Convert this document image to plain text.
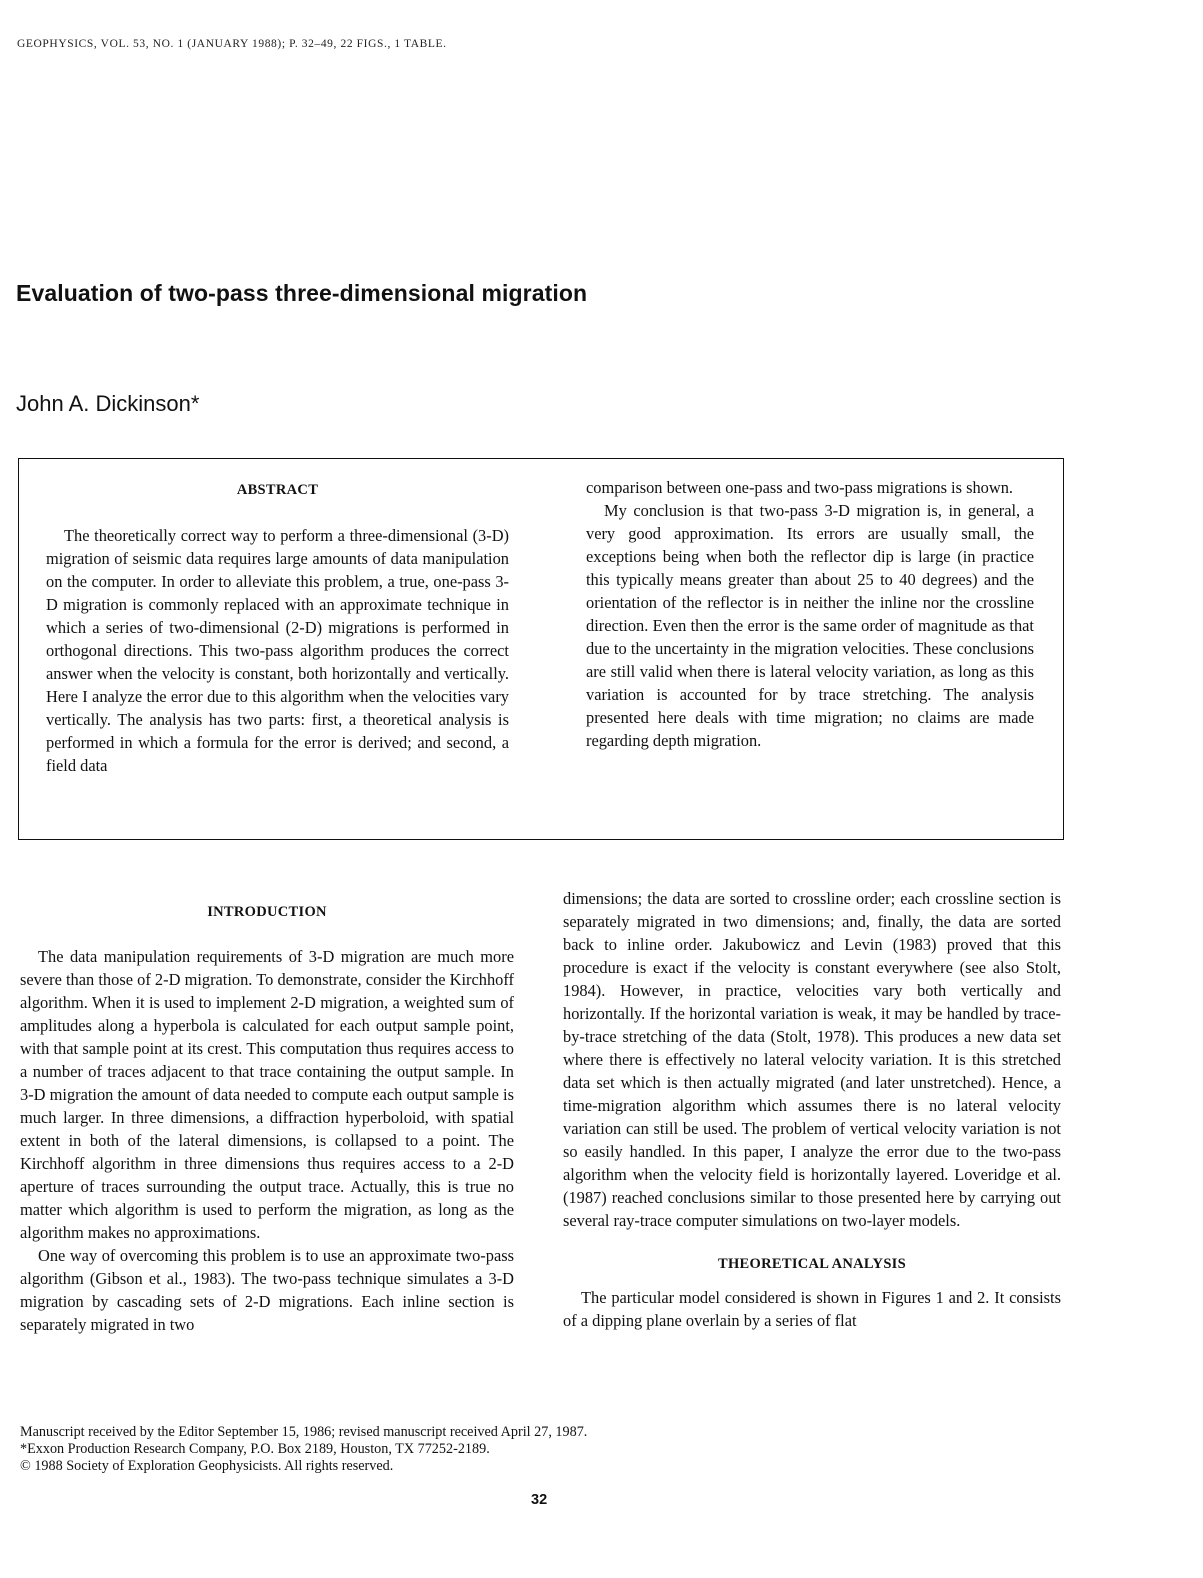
GEOPHYSICS, VOL. 53, NO. 1 (JANUARY 1988); P. 32–49, 22 FIGS., 1 TABLE.
Evaluation of two-pass three-dimensional migration
John A. Dickinson*

ABSTRACT

The theoretically correct way to perform a three-dimensional (3-D) migration of seismic data requires large amounts of data manipulation on the computer. In order to alleviate this problem, a true, one-pass 3-D migration is commonly replaced with an approximate technique in which a series of two-dimensional (2-D) migrations is performed in orthogonal directions. This two-pass algorithm produces the correct answer when the velocity is constant, both horizontally and vertically. Here I analyze the error due to this algorithm when the velocities vary vertically. The analysis has two parts: first, a theoretical analysis is performed in which a formula for the error is derived; and second, a field data

comparison between one-pass and two-pass migrations is shown.

My conclusion is that two-pass 3-D migration is, in general, a very good approximation. Its errors are usually small, the exceptions being when both the reflector dip is large (in practice this typically means greater than about 25 to 40 degrees) and the orientation of the reflector is in neither the inline nor the crossline direction. Even then the error is the same order of magnitude as that due to the uncertainty in the migration velocities. These conclusions are still valid when there is lateral velocity variation, as long as this variation is accounted for by trace stretching. The analysis presented here deals with time migration; no claims are made regarding depth migration.

INTRODUCTION

The data manipulation requirements of 3-D migration are much more severe than those of 2-D migration. To demonstrate, consider the Kirchhoff algorithm. When it is used to implement 2-D migration, a weighted sum of amplitudes along a hyperbola is calculated for each output sample point, with that sample point at its crest. This computation thus requires access to a number of traces adjacent to that trace containing the output sample. In 3-D migration the amount of data needed to compute each output sample is much larger. In three dimensions, a diffraction hyperboloid, with spatial extent in both of the lateral dimensions, is collapsed to a point. The Kirchhoff algorithm in three dimensions thus requires access to a 2-D aperture of traces surrounding the output trace. Actually, this is true no matter which algorithm is used to perform the migration, as long as the algorithm makes no approximations.

One way of overcoming this problem is to use an approximate two-pass algorithm (Gibson et al., 1983). The two-pass technique simulates a 3-D migration by cascading sets of 2-D migrations. Each inline section is separately migrated in two

dimensions; the data are sorted to crossline order; each crossline section is separately migrated in two dimensions; and, finally, the data are sorted back to inline order. Jakubowicz and Levin (1983) proved that this procedure is exact if the velocity is constant everywhere (see also Stolt, 1984). However, in practice, velocities vary both vertically and horizontally. If the horizontal variation is weak, it may be handled by trace-by-trace stretching of the data (Stolt, 1978). This produces a new data set where there is effectively no lateral velocity variation. It is this stretched data set which is then actually migrated (and later unstretched). Hence, a time-migration algorithm which assumes there is no lateral velocity variation can still be used. The problem of vertical velocity variation is not so easily handled. In this paper, I analyze the error due to the two-pass algorithm when the velocity field is horizontally layered. Loveridge et al. (1987) reached conclusions similar to those presented here by carrying out several ray-trace computer simulations on two-layer models.

THEORETICAL ANALYSIS

The particular model considered is shown in Figures 1 and 2. It consists of a dipping plane overlain by a series of flat

Manuscript received by the Editor September 15, 1986; revised manuscript received April 27, 1987.
*Exxon Production Research Company, P.O. Box 2189, Houston, TX 77252-2189.
© 1988 Society of Exploration Geophysicists. All rights reserved.
32
